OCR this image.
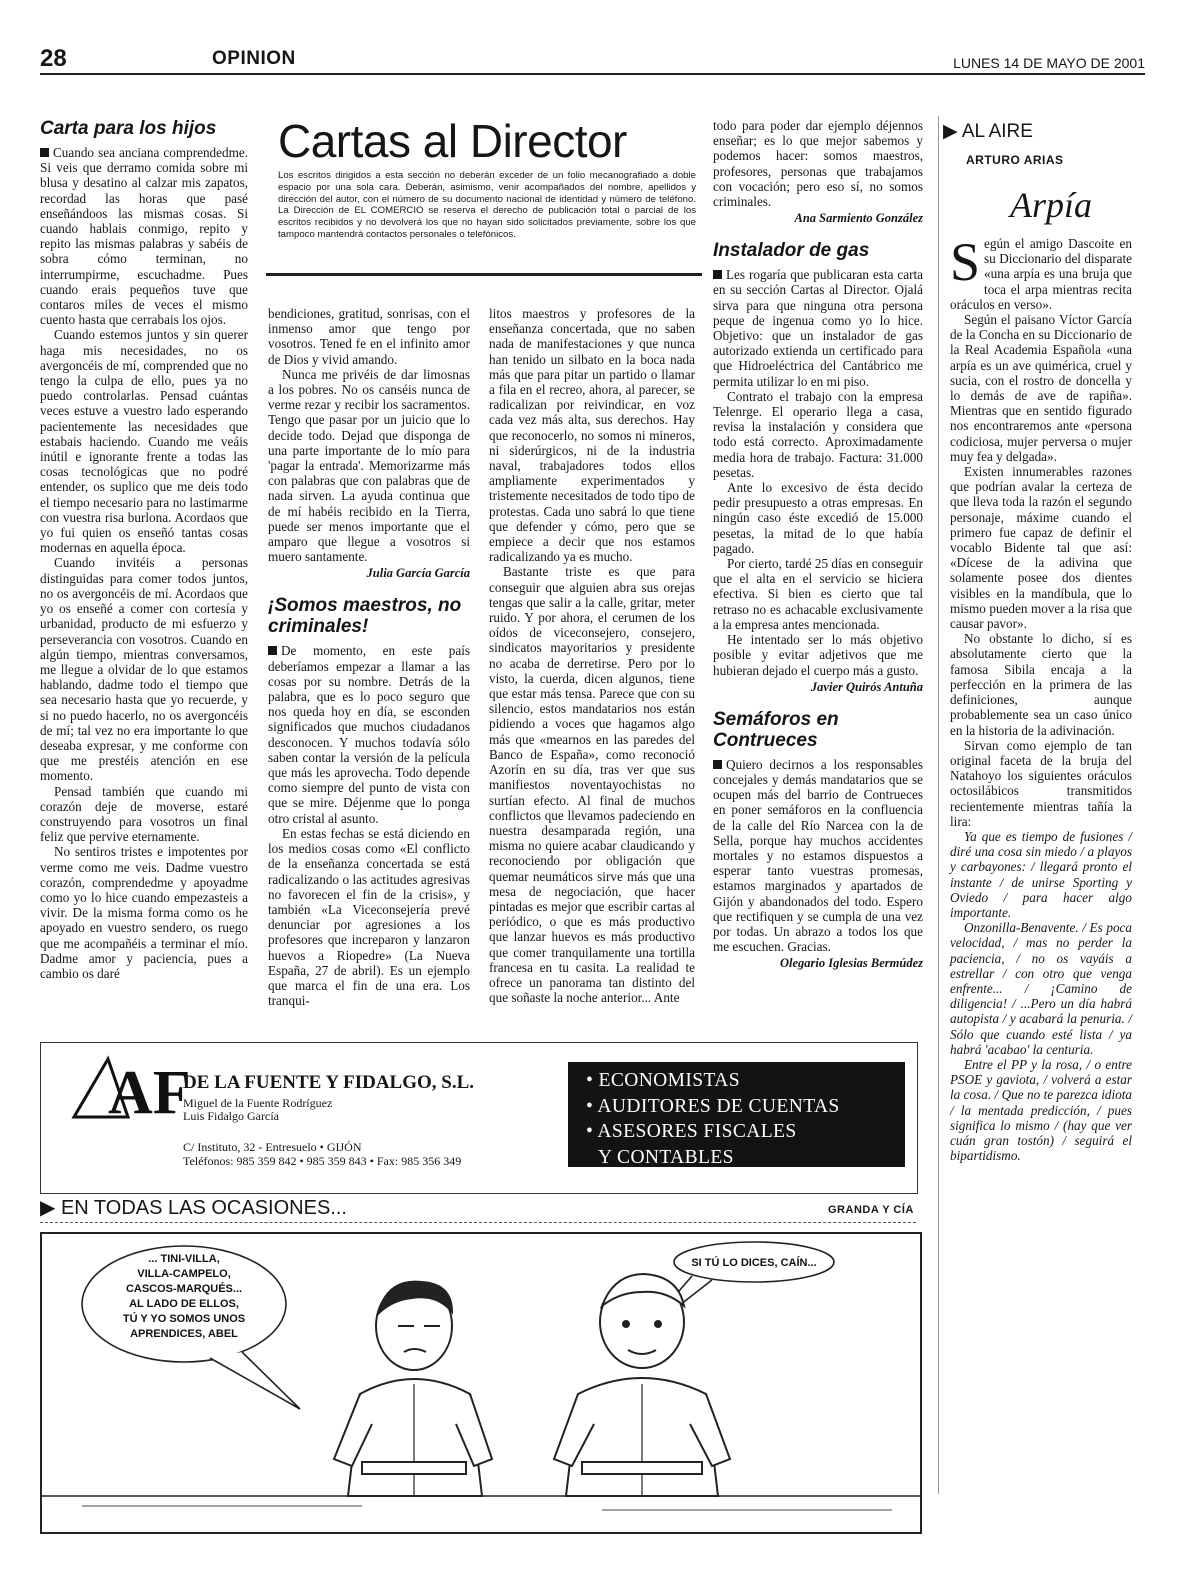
28	OPINION	LUNES 14 DE MAYO DE 2001
Carta para los hijos

Cuando sea anciana comprendedme. Si veis que derramo comida sobre mi blusa y desatino al calzar mis zapatos, recordad las horas que pasé enseñándoos las mismas cosas. Si cuando hablais conmigo, repito y repito las mismas palabras y sabéis de sobra cómo terminan, no interrumpirme, escuchadme. Pues cuando erais pequeños tuve que contaros miles de veces el mismo cuento hasta que cerrabais los ojos.

Cuando estemos juntos y sin querer haga mis necesidades, no os avergoncéis de mí, comprended que no tengo la culpa de ello, pues ya no puedo controlarlas. Pensad cuántas veces estuve a vuestro lado esperando pacientemente las necesidades que estabais haciendo. Cuando me veáis inútil e ignorante frente a todas las cosas tecnológicas que no podré entender, os suplico que me deis todo el tiempo necesario para no lastimarme con vuestra risa burlona. Acordaos que yo fui quien os enseñó tantas cosas modernas en aquella época.

Cuando invitéis a personas distinguidas para comer todos juntos, no os avergoncéis de mí. Acordaos que yo os enseñé a comer con cortesía y urbanidad, producto de mi esfuerzo y perseverancia con vosotros. Cuando en algún tiempo, mientras conversamos, me llegue a olvidar de lo que estamos hablando, dadme todo el tiempo que sea necesario hasta que yo recuerde, y si no puedo hacerlo, no os avergoncéis de mí; tal vez no era importante lo que deseaba expresar, y me conforme con que me prestéis atención en ese momento.

Pensad también que cuando mi corazón deje de moverse, estaré construyendo para vosotros un final feliz que pervive eternamente.

No sentiros tristes e impotentes por verme como me veis. Dadme vuestro corazón, comprendedme y apoyadme como yo lo hice cuando empezasteis a vivir. De la misma forma como os he apoyado en vuestro sendero, os ruego que me acompañéis a terminar el mío. Dadme amor y paciencia, pues a cambio os daré

Cartas al Director
Los escritos dirigidos a esta sección no deberán exceder de un folio mecanografiado a doble espacio por una sola cara. Deberán, asimismo, venir acompañados del nombre, apellidos y dirección del autor, con el número de su documento nacional de identidad y número de teléfono. La Dirección de EL COMERCIO se reserva el derecho de publicación total o parcial de los escritos recibidos y no devolverá los que no hayan sido solicitados previamente, sobre los que tampoco mantendrá contactos personales o telefónicos.

bendiciones, gratitud, sonrisas, con el inmenso amor que tengo por vosotros. Tened fe en el infinito amor de Dios y vivid amando.

Nunca me privéis de dar limosnas a los pobres. No os canséis nunca de verme rezar y recibir los sacramentos. Tengo que pasar por un juicio que lo decide todo. Dejad que disponga de una parte importante de lo mío para 'pagar la entrada'. Memorizarme más con palabras que con palabras que de nada sirven. La ayuda continua que de mí habéis recibido en la Tierra, puede ser menos importante que el amparo que llegue a vosotros si muero santamente.

Julia García García

¡Somos maestros, no criminales!

De momento, en este país deberíamos empezar a llamar a las cosas por su nombre. Detrás de la palabra, que es lo poco seguro que nos queda hoy en día, se esconden significados que muchos ciudadanos desconocen. Y muchos todavía sólo saben contar la versión de la película que más les aprovecha. Todo depende como siempre del punto de vista con que se mire. Déjenme que lo ponga otro cristal al asunto.

En estas fechas se está diciendo en los medios cosas como «El conflicto de la enseñanza concertada se está radicalizando o las actitudes agresivas no favorecen el fin de la crisis», y también «La Viceconsejería prevé denunciar por agresiones a los profesores que increparon y lanzaron huevos a Riopedre» (La Nueva España, 27 de abril). Es un ejemplo que marca el fin de una era. Los tranqui-

litos maestros y profesores de la enseñanza concertada, que no saben nada de manifestaciones y que nunca han tenido un silbato en la boca nada más que para pitar un partido o llamar a fila en el recreo, ahora, al parecer, se radicalizan por reivindicar, en voz cada vez más alta, sus derechos. Hay que reconocerlo, no somos ni mineros, ni siderúrgicos, ni de la industria naval, trabajadores todos ellos ampliamente experimentados y tristemente necesitados de todo tipo de protestas. Cada uno sabrá lo que tiene que defender y cómo, pero que se empiece a decir que nos estamos radicalizando ya es mucho.

Bastante triste es que para conseguir que alguien abra sus orejas tengas que salir a la calle, gritar, meter ruido. Y por ahora, el cerumen de los oídos de viceconsejero, consejero, sindicatos mayoritarios y presidente no acaba de derretirse. Pero por lo visto, la cuerda, dicen algunos, tiene que estar más tensa. Parece que con su silencio, estos mandatarios nos están pidiendo a voces que hagamos algo más que «mearnos en las paredes del Banco de España», como reconoció Azorín en su día, tras ver que sus manifiestos noventayochistas no surtían efecto. Al final de muchos conflictos que llevamos padeciendo en nuestra desamparada región, una misma no quiere acabar claudicando y reconociendo por obligación que quemar neumáticos sirve más que una mesa de negociación, que hacer pintadas es mejor que escribir cartas al periódico, o que es más productivo que lanzar huevos es más productivo que comer tranquilamente una tortilla francesa en tu casita. La realidad te ofrece un panorama tan distinto del que soñaste la noche anterior... Ante

todo para poder dar ejemplo déjennos enseñar; es lo que mejor sabemos y podemos hacer: somos maestros, profesores, personas que trabajamos con vocación; pero eso sí, no somos criminales.

Ana Sarmiento González

Instalador de gas

Les rogaría que publicaran esta carta en su sección Cartas al Director. Ojalá sirva para que ninguna otra persona peque de ingenua como yo lo hice. Objetivo: que un instalador de gas autorizado extienda un certificado para que Hidroeléctrica del Cantábrico me permita utilizar lo en mi piso.

Contrato el trabajo con la empresa Telenrge. El operario llega a casa, revisa la instalación y considera que todo está correcto. Aproximadamente media hora de trabajo. Factura: 31.000 pesetas.

Ante lo excesivo de ésta decido pedir presupuesto a otras empresas. En ningún caso éste excedió de 15.000 pesetas, la mitad de lo que había pagado.

Por cierto, tardé 25 días en conseguir que el alta en el servicio se hiciera efectiva. Si bien es cierto que tal retraso no es achacable exclusivamente a la empresa antes mencionada.

He intentado ser lo más objetivo posible y evitar adjetivos que me hubieran dejado el cuerpo más a gusto.

Javier Quirós Antuña

Semáforos en Contrueces

Quiero decirnos a los responsables concejales y demás mandatarios que se ocupen más del barrio de Contrueces en poner semáforos en la confluencia de la calle del Río Narcea con la de Sella, porque hay muchos accidentes mortales y no estamos dispuestos a esperar tanto vuestras promesas, estamos marginados y apartados de Gijón y abandonados del todo. Espero que rectifiquen y se cumpla de una vez por todas. Un abrazo a todos los que me escuchen. Gracias.

Olegario Iglesias Bermúdez

▶ AL AIRE
ARTURO ARIAS
Arpía

Según el amigo Dascoite en su Diccionario del disparate «una arpía es una bruja que toca el arpa mientras recita oráculos en verso».

Según el paisano Víctor García de la Concha en su Diccionario de la Real Academia Española «una arpía es un ave quimérica, cruel y sucia, con el rostro de doncella y lo demás de ave de rapiña». Mientras que en sentido figurado nos encontraremos ante «persona codiciosa, mujer perversa o mujer muy fea y delgada».

Existen innumerables razones que podrían avalar la certeza de que lleva toda la razón el segundo personaje, máxime cuando el primero fue capaz de definir el vocablo Bidente tal que así: «Dícese de la adivina que solamente posee dos dientes visibles en la mandíbula, que lo mismo pueden mover a la risa que causar pavor».

No obstante lo dicho, sí es absolutamente cierto que la famosa Sibila encaja a la perfección en la primera de las definiciones, aunque probablemente sea un caso único en la historia de la adivinación.

Sirvan como ejemplo de tan original faceta de la bruja del Natahoyo los siguientes oráculos octosilábicos transmitidos recientemente mientras tañía la lira:

Ya que es tiempo de fusiones / diré una cosa sin miedo / a playos y carbayones: / llegará pronto el instante / de unirse Sporting y Oviedo / para hacer algo importante.

Onzonilla-Benavente. / Es poca velocidad, / mas no perder la paciencia, / no os vayáis a estrellar / con otro que venga enfrente... / ¡Camino de diligencia! / ...Pero un día habrá autopista / y acabará la penuria. / Sólo que cuando esté lista / ya habrá 'acabao' la centuria.

Entre el PP y la rosa, / o entre PSOE y gaviota, / volverá a estar la cosa. / Que no te parezca idiota / la mentada predicción, / pues significa lo mismo / (hay que ver cuán gran tostón) / seguirá el bipartidismo.

AF
DE LA FUENTE Y FIDALGO, S.L.
Miguel de la Fuente Rodríguez
Luis Fidalgo García
C/ Instituto, 32 - Entresuelo • GIJÓN
Teléfonos: 985 359 842 • 985 359 843 • Fax: 985 356 349
• ECONOMISTAS
• AUDITORES DE CUENTAS
• ASESORES FISCALES
Y CONTABLES
▶ EN TODAS LAS OCASIONES...	GRANDA Y CÍA
... TINI-VILLA,
VILLA-CAMPELO,
CASCOS-MARQUÉS...
AL LADO DE ELLOS,
TÚ Y YO SOMOS UNOS
APRENDICES, ABEL
SI TÚ LO DICES, CAÍN...
